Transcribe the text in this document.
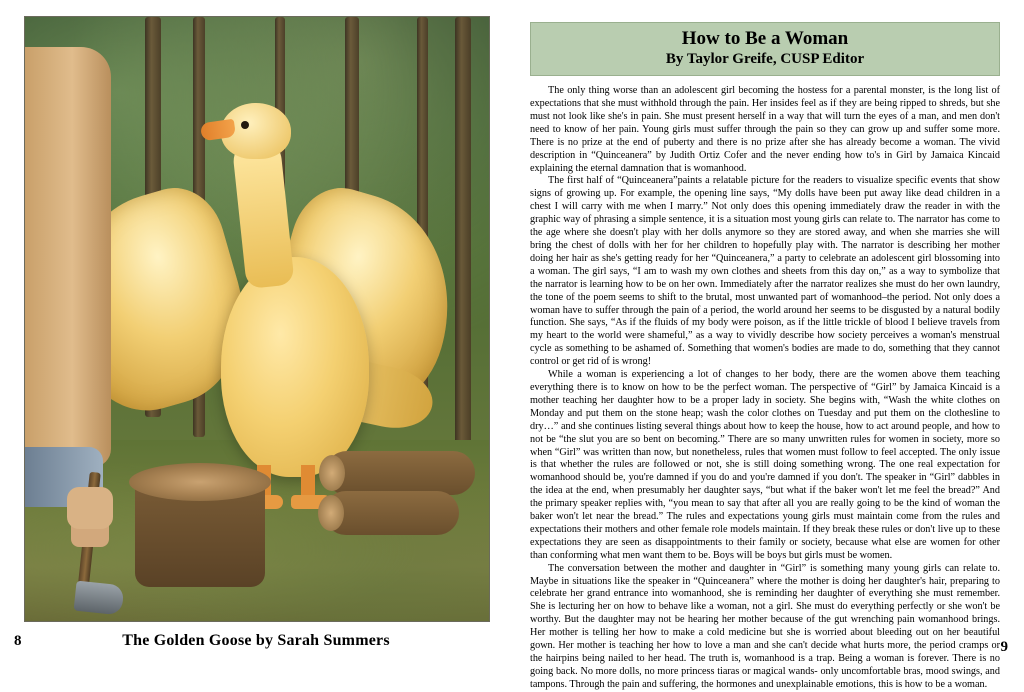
8	The Golden Goose by Sarah Summers
How to Be a Woman
By Taylor Greife, CUSP Editor

The only thing worse than an adolescent girl becoming the hostess for a parental monster, is the long list of expectations that she must withhold through the pain. Her insides feel as if they are being ripped to shreds, but she must not look like she's in pain. She must present herself in a way that will turn the eyes of a man, and men don't need to know of her pain. Young girls must suffer through the pain so they can grow up and suffer some more. There is no prize at the end of puberty and there is no prize after she has already become a woman. The vivid description in “Quinceanera” by Judith Ortiz Cofer and the never ending how to's in Girl by Jamaica Kincaid explaining the eternal damnation that is womanhood.

The first half of “Quinceanera”paints a relatable picture for the readers to visualize specific events that show signs of growing up. For example, the opening line says, “My dolls have been put away like dead children in a chest I will carry with me when I marry.” Not only does this opening immediately draw the reader in with the graphic way of phrasing a simple sentence, it is a situation most young girls can relate to. The narrator has come to the age where she doesn't play with her dolls anymore so they are stored away, and when she marries she will bring the chest of dolls with her for her children to hopefully play with. The narrator is describing her mother doing her hair as she's getting ready for her “Quinceanera,” a party to celebrate an adolescent girl blossoming into a woman. The girl says, “I am to wash my own clothes and sheets from this day on,” as a way to symbolize that the narrator is learning how to be on her own. Immediately after the narrator realizes she must do her own laundry, the tone of the poem seems to shift to the brutal, most unwanted part of womanhood–the period. Not only does a woman have to suffer through the pain of a period, the world around her seems to be disgusted by a natural bodily function. She says, “As if the fluids of my body were poison, as if the little trickle of blood I believe travels from my heart to the world were shameful,” as a way to vividly describe how society perceives a woman's menstrual cycle as something to be ashamed of. Something that women's bodies are made to do, something that they cannot control or get rid of is wrong!

While a woman is experiencing a lot of changes to her body, there are the women above them teaching everything there is to know on how to be the perfect woman. The perspective of “Girl” by Jamaica Kincaid is a mother teaching her daughter how to be a proper lady in society. She begins with, “Wash the white clothes on Monday and put them on the stone heap; wash the color clothes on Tuesday and put them on the clothesline to dry…” and she continues listing several things about how to keep the house, how to act around people, and how to not be “the slut you are so bent on becoming.” There are so many unwritten rules for women in society, more so when “Girl” was written than now, but nonetheless, rules that women must follow to feel accepted. The only issue is that whether the rules are followed or not, she is still doing something wrong. The one real expectation for womanhood should be, you're damned if you do and you're damned if you don't. The speaker in “Girl” dabbles in the idea at the end, when presumably her daughter says, “but what if the baker won't let me feel the bread?” And the primary speaker replies with, “you mean to say that after all you are really going to be the kind of woman the baker won't let near the bread.” The rules and expectations young girls must maintain come from the rules and expectations their mothers and other female role models maintain. If they break these rules or don't live up to these expectations they are seen as disappointments to their family or society, because what else are women for other than conforming what men want them to be. Boys will be boys but girls must be women.

The conversation between the mother and daughter in “Girl” is something many young girls can relate to. Maybe in situations like the speaker in “Quinceanera” where the mother is doing her daughter's hair, preparing to celebrate her grand entrance into womanhood, she is reminding her daughter of everything she must remember. She is lecturing her on how to behave like a woman, not a girl. She must do everything perfectly or she won't be worthy. But the daughter may not be hearing her mother because of the gut wrenching pain womanhood brings. Her mother is telling her how to make a cold medicine but she is worried about bleeding out on her beautiful gown. Her mother is teaching her how to love a man and she can't decide what hurts more, the period cramps or the hairpins being nailed to her head. The truth is, womanhood is a trap. Being a woman is forever. There is no going back. No more dolls, no more princess tiaras or magical wands- only uncomfortable bras, mood swings, and tampons. Through the pain and suffering, the hormones and unexplainable emotions, this is how to be a woman.

9
